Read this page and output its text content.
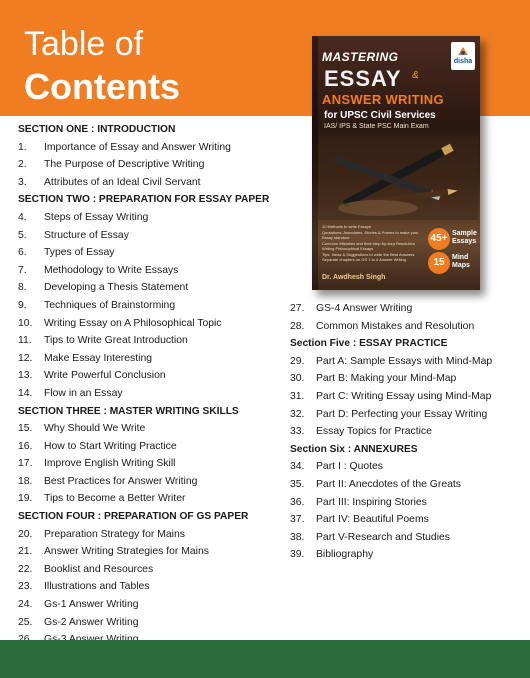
Table of
Contents
disha
MASTERING
ESSAY &
ANSWER WRITING
for UPSC Civil Services
IAS/ IPS & State PSC Main Exam
10 Methods to write Essays
Quotations, Anecdotes, Stories & Poems to make your Essay standout
Common Mistakes and their step-by-step Resolution
Writing Philosophical Essays
Tips, Ideas & Suggestions to write the Best Answers
Separate chapters on GS 1 to 4 Answer Writing
45+ Sample
Essays
15	Mind
Maps
Dr. Awdhesh Singh
SECTION ONE : INTRODUCTION
1. Importance of Essay and Answer Writing
2. The Purpose of Descriptive Writing
3. Attributes of an Ideal Civil Servant
SECTION TWO : PREPARATION FOR ESSAY PAPER
4. Steps of Essay Writing
5. Structure of Essay
6. Types of Essay
7. Methodology to Write Essays
8. Developing a Thesis Statement
9. Techniques of Brainstorming
10. Writing Essay on A Philosophical Topic
11. Tips to Write Great Introduction
12. Make Essay Interesting
13. Write Powerful Conclusion
14. Flow in an Essay
SECTION THREE : MASTER WRITING SKILLS
15. Why Should We Write
16. How to Start Writing Practice
17. Improve English Writing Skill
18. Best Practices for Answer Writing
19. Tips to Become a Better Writer
SECTION FOUR : PREPARATION OF GS PAPER
20. Preparation Strategy for Mains
21. Answer Writing Strategies for Mains
22. Booklist and Resources
23. Illustrations and Tables
24. Gs-1 Answer Writing
25. Gs-2 Answer Writing
27. GS-4 Answer Writing
28. Common Mistakes and Resolution
Section Five : ESSAY PRACTICE
29. Part A: Sample Essays with Mind-Map
30. Part B: Making your Mind-Map
31. Part C: Writing Essay using Mind-Map
32. Part D: Perfecting your Essay Writing
33. Essay Topics for Practice
Section Six : ANNEXURES
34. Part I : Quotes
35. Part II: Anecdotes of the Greats
36. Part III: Inspiring Stories
37. Part IV: Beautiful Poems
38. Part V-Research and Studies
39. Bibliography
